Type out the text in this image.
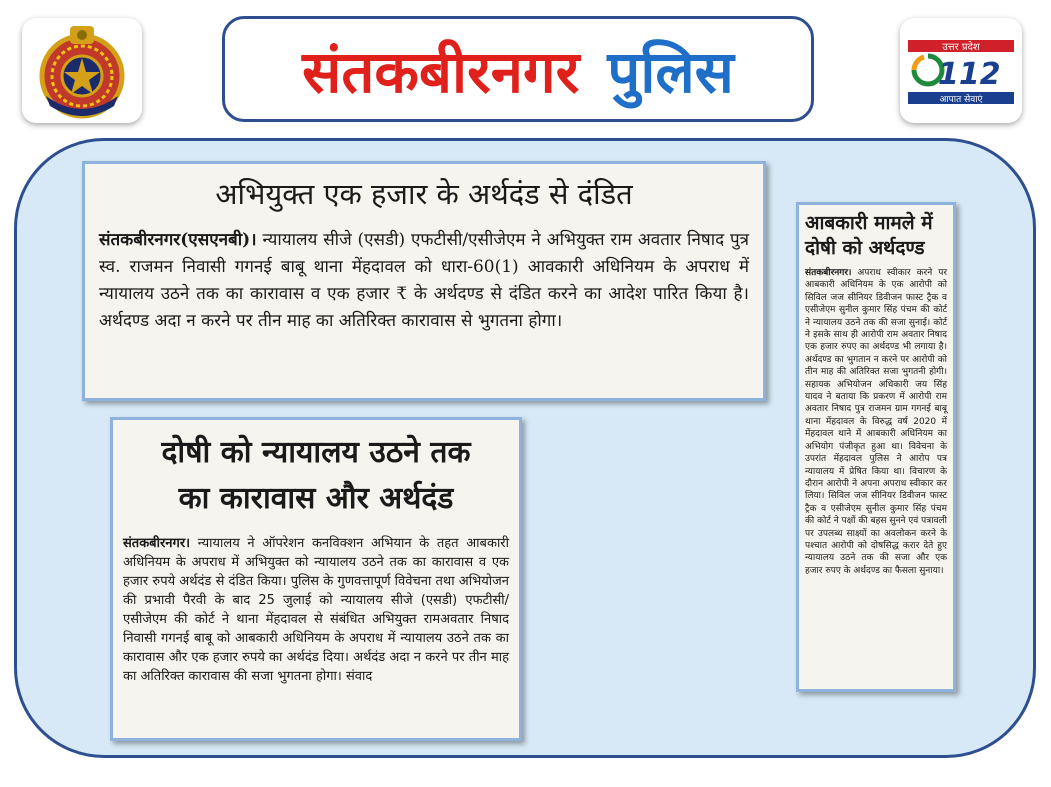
संतकबीरनगर पुलिस	उत्तर प्रदेश
112
आपात सेवाएं
अभियुक्त एक हजार के अर्थदंड से दंडित
संतकबीरनगर(एसएनबी)। न्यायालय सीजे (एसडी) एफटीसी/एसीजेएम ने अभियुक्त राम अवतार निषाद पुत्र स्व. राजमन निवासी गगनई बाबू थाना मेंहदावल को धारा-60(1) आवकारी अधिनियम के अपराध में न्यायालय उठने तक का कारावास व एक हजार ₹ के अर्थदण्ड से दंडित करने का आदेश पारित किया है। अर्थदण्ड अदा न करने पर तीन माह का अतिरिक्त कारावास से भुगतना होगा।
दोषी को न्यायालय उठने तक
का कारावास और अर्थदंड
संतकबीरनगर। न्यायालय ने ऑपरेशन कनविक्शन अभियान के तहत आबकारी अधिनियम के अपराध में अभियुक्त को न्यायालय उठने तक का कारावास व एक हजार रुपये अर्थदंड से दंडित किया। पुलिस के गुणवत्तापूर्ण विवेचना तथा अभियोजन की प्रभावी पैरवी के बाद 25 जुलाई को न्यायालय सीजे (एसडी) एफटीसी/एसीजेएम की कोर्ट ने थाना मेंहदावल से संबंधित अभियुक्त रामअवतार निषाद निवासी गगनई बाबू को आबकारी अधिनियम के अपराध में न्यायालय उठने तक का कारावास और एक हजार रुपये का अर्थदंड दिया। अर्थदंड अदा न करने पर तीन माह का अतिरिक्त कारावास की सजा भुगतना होगा। संवाद
आबकारी मामले में दोषी को अर्थदण्ड
संतकबीरनगर। अपराध स्वीकार करने पर आबकारी अधिनियम के एक आरोपी को सिविल जज सीनियर डिवीजन फास्ट ट्रैक व एसीजेएम सुनील कुमार सिंह पंचम की कोर्ट ने न्यायालय उठने तक की सजा सुनाई। कोर्ट ने इसके साथ ही आरोपी राम अवतार निषाद एक हजार रुपए का अर्थदण्ड भी लगाया है। अर्थदण्ड का भुगतान न करने पर आरोपी को तीन माह की अतिरिक्त सजा भुगतनी होगी। सहायक अभियोजन अधिकारी जय सिंह यादव ने बताया कि प्रकरण में आरोपी राम अवतार निषाद पुत्र राजमन ग्राम गगनई बाबू थाना मेंहदावल के विरुद्ध वर्ष 2020 में मेंहदावल थाने में आबकारी अधिनियम का अभियोग पंजीकृत हुआ था। विवेचना के उपरांत मेंहदावल पुलिस ने आरोप पत्र न्यायालय में प्रेषित किया था। विचारण के दौरान आरोपी ने अपना अपराध स्वीकार कर लिया। सिविल जज सीनियर डिवीजन फास्ट ट्रैक व एसीजेएम सुनील कुमार सिंह पंचम की कोर्ट ने पक्षों की बहस सुनने एवं पत्रावली पर उपलब्ध साक्ष्यों का अवलोकन करने के पश्चात आरोपी को दोषसिद्ध करार देते हुए न्यायालय उठने तक की सजा और एक हजार रुपए के अर्थदण्ड का फैसला सुनाया।
